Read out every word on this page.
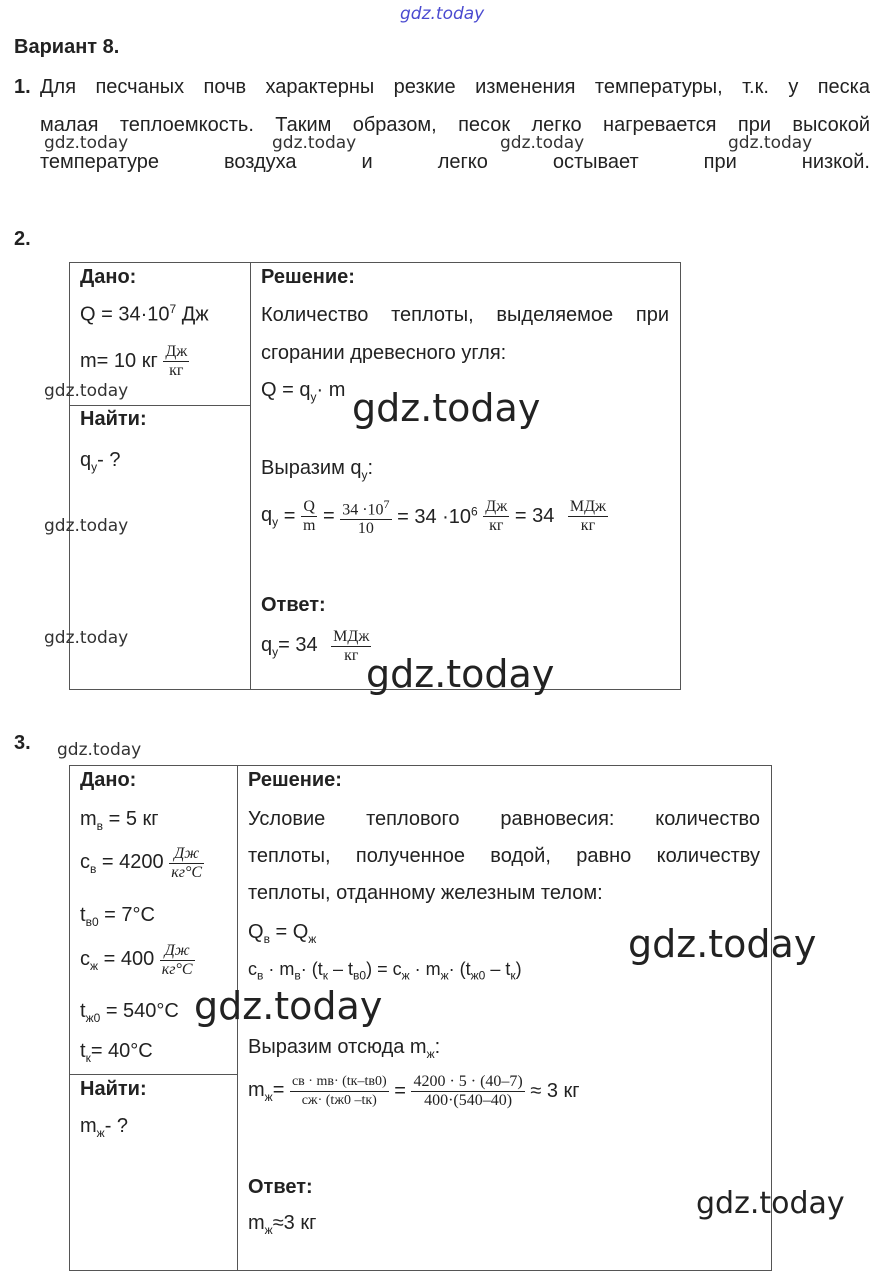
gdz.today
Вариант 8.
1. Для песчаных почв характерны резкие изменения температуры, т.к. у песка
малая теплоемкость. Таким образом, песок легко нагревается при высокой
температуре воздуха и легко остывает при низкой.
gdz.today	gdz.today	gdz.today	gdz.today
2.
Дано:
$Q = 34\cdot 10^7$ Дж
m= 10 кг $\frac{Дж}{кг}$
gdz.today
Найти:
$q_у-$ ?
gdz.today
gdz.today
Решение:
Количество теплоты, выделяемое при
сгорании древесного угля:
$Q = q_у\cdot m$ gdz.today
Выразим $q_у$:
$q_у = \frac{Q}{m} = \frac{34 \cdot 10^7}{10} = 34 \cdot 10^6 \frac{Дж}{кг} = 34 \frac{\text{МДж}}{кг}$
Ответ:
$q_у= 34 \frac{\text{МДж}}{кг}$
gdz.today
3. gdz.today
Дано:
$m_в = 5$ кг
$c_в = 4200 \frac{Дж}{кг^\circ C}$
$t_{в0} = 7^\circ C$
$c_ж = 400 \frac{Дж}{кг^\circ C}$
$t_{ж0} = 540^\circ C$
$t_к= 40^\circ C$
gdz.today
Найти:
$m_ж-$ ?
Решение:
Условие теплового равновесия: количество
теплоты, полученное водой, равно количеству
теплоты, отданному железным телом:
$Q_в = Q_ж$	gdz.today
$c_в \cdot m_в\cdot (t_к - t_{в0}) = c_ж \cdot m_ж\cdot (t_{ж0} - t_к)$
Выразим отсюда $m_ж$:
$m_ж= \frac{cв \cdot mв\cdot (tк-tв0)}{cж\cdot (tж0 -tк)} = \frac{4200 \cdot 5 \cdot (40-7)}{400\cdot(540-40)} \approx 3$ кг
Ответ:
$m_ж\approx 3$ кг
gdz.today
